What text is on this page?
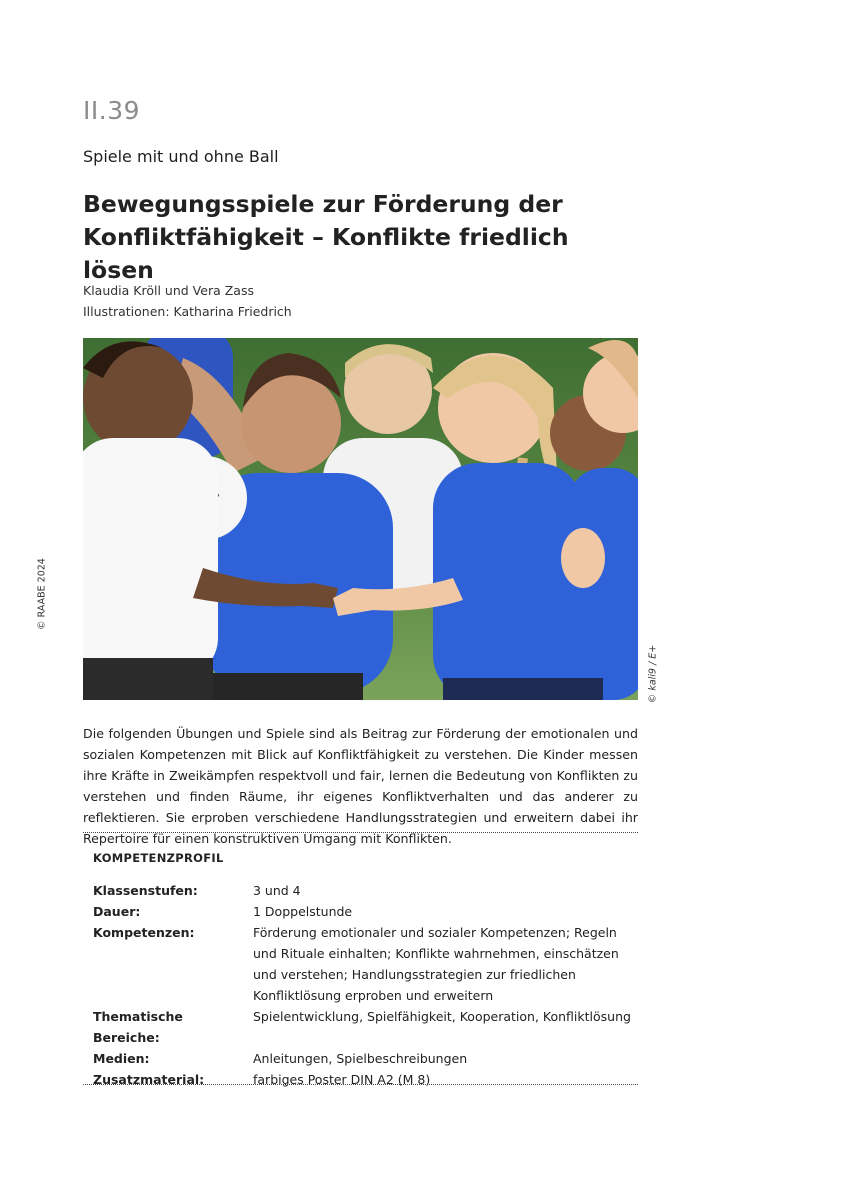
II.39
Spiele mit und ohne Ball
Bewegungsspiele zur Förderung der
Konfliktfähigkeit – Konflikte friedlich lösen
Klaudia Kröll und Vera Zass
Illustrationen: Katharina Friedrich
© RAABE 2024
© kali9 / E+

Die folgenden Übungen und Spiele sind als Beitrag zur Förderung der emotionalen und sozialen Kompetenzen mit Blick auf Konfliktfähigkeit zu verstehen. Die Kinder messen ihre Kräfte in Zweikämpfen respektvoll und fair, lernen die Bedeutung von Konflikten zu verstehen und finden Räume, ihr eigenes Konfliktverhalten und das anderer zu reflektieren. Sie erproben verschiedene Handlungsstrategien und erweitern dabei ihr Repertoire für einen konstruktiven Umgang mit Konflikten.

KOMPETENZPROFIL
Klassenstufen:	3 und 4
Dauer:	1 Doppelstunde
Kompetenzen:	Förderung emotionaler und sozialer Kompetenzen; Regeln und Rituale einhalten; Konflikte wahrnehmen, einschätzen und verstehen; Handlungsstrategien zur friedlichen Konfliktlösung erproben und erweitern
Thematische Bereiche:
Spielentwicklung, Spielfähigkeit, Kooperation, Konfliktlösung
Medien:	Anleitungen, Spielbeschreibungen
Zusatzmaterial:	farbiges Poster DIN A2 (M 8)
